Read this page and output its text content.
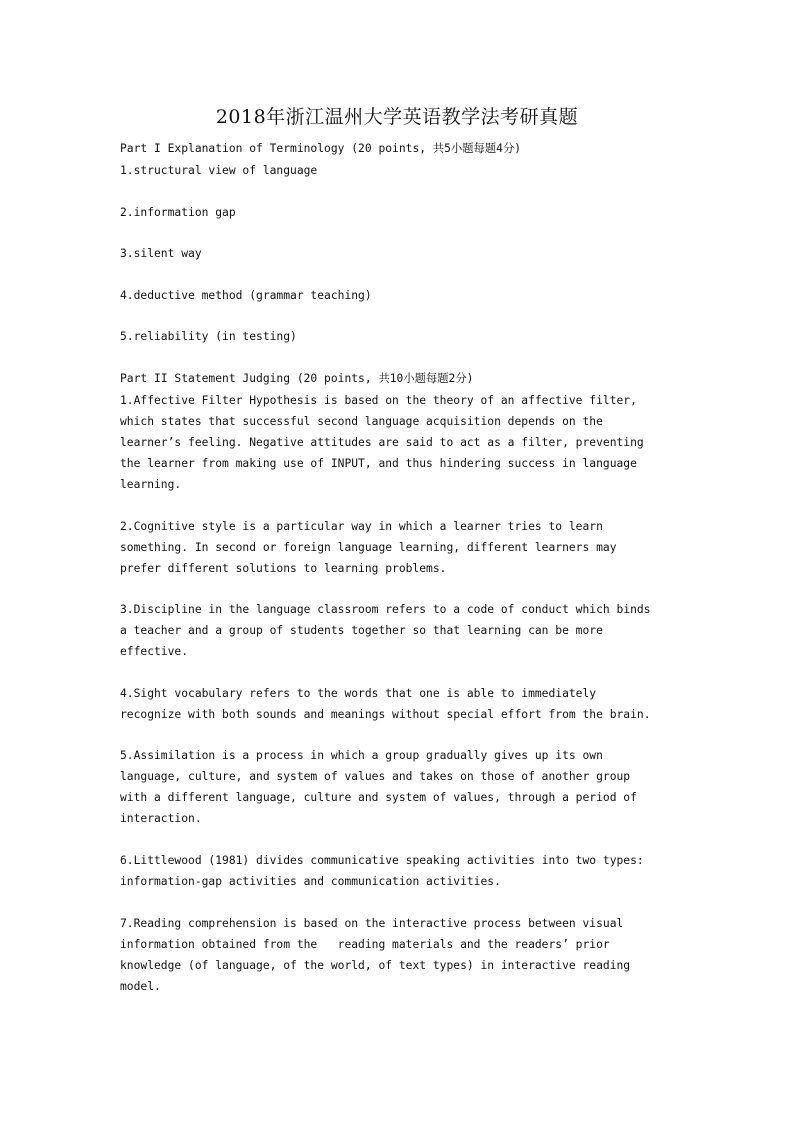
2018年浙江温州大学英语教学法考研真题
Part I Explanation of Terminology (20 points, 共5小题每题4分)
1.structural view of language
2.information gap
3.silent way
4.deductive method (grammar teaching)
5.reliability (in testing)
Part II Statement Judging (20 points, 共10小题每题2分)
1.Affective Filter Hypothesis is based on the theory of an affective filter,
which states that successful second language acquisition depends on the
learner’s feeling. Negative attitudes are said to act as a filter, preventing
the learner from making use of INPUT, and thus hindering success in language
learning.
2.Cognitive style is a particular way in which a learner tries to learn
something. In second or foreign language learning, different learners may
prefer different solutions to learning problems.
3.Discipline in the language classroom refers to a code of conduct which binds
a teacher and a group of students together so that learning can be more
effective.
4.Sight vocabulary refers to the words that one is able to immediately
recognize with both sounds and meanings without special effort from the brain.
5.Assimilation is a process in which a group gradually gives up its own
language, culture, and system of values and takes on those of another group
with a different language, culture and system of values, through a period of
interaction.
6.Littlewood (1981) divides communicative speaking activities into two types:
information-gap activities and communication activities.
7.Reading comprehension is based on the interactive process between visual
information obtained from the   reading materials and the readers’ prior
knowledge (of language, of the world, of text types) in interactive reading
model.
